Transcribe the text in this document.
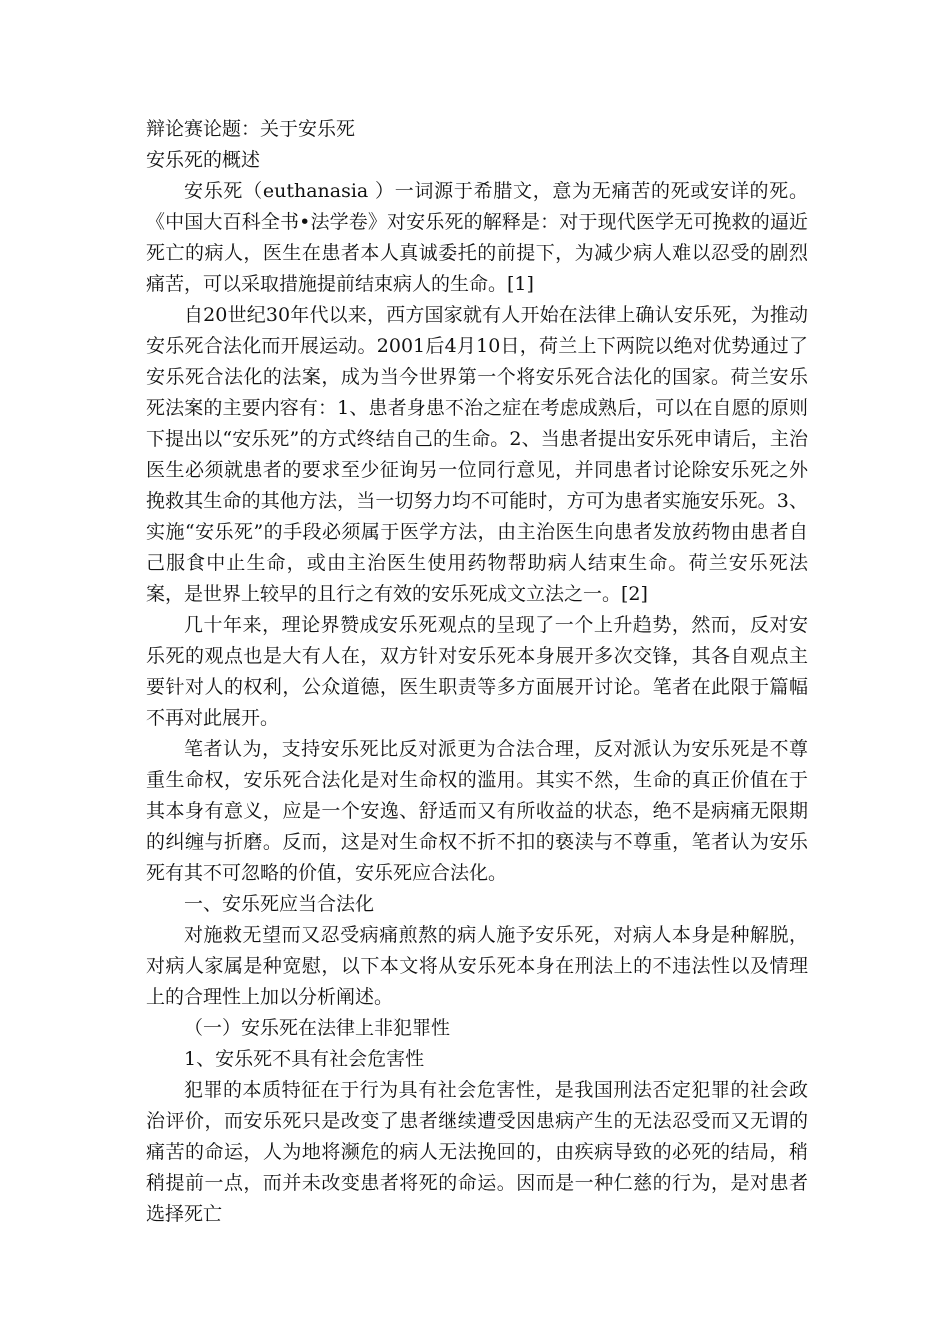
辩论赛论题：关于安乐死

安乐死的概述

安乐死（euthanasia ）一词源于希腊文，意为无痛苦的死或安详的死。《中国大百科全书•法学卷》对安乐死的解释是：对于现代医学无可挽救的逼近死亡的病人，医生在患者本人真诚委托的前提下，为减少病人难以忍受的剧烈痛苦，可以采取措施提前结束病人的生命。[1]

自20世纪30年代以来，西方国家就有人开始在法律上确认安乐死，为推动安乐死合法化而开展运动。2001后4月10日，荷兰上下两院以绝对优势通过了安乐死合法化的法案，成为当今世界第一个将安乐死合法化的国家。荷兰安乐死法案的主要内容有：1、患者身患不治之症在考虑成熟后，可以在自愿的原则下提出以“安乐死”的方式终结自己的生命。2、当患者提出安乐死申请后，主治医生必须就患者的要求至少征询另一位同行意见，并同患者讨论除安乐死之外挽救其生命的其他方法，当一切努力均不可能时，方可为患者实施安乐死。3、实施“安乐死”的手段必须属于医学方法，由主治医生向患者发放药物由患者自己服食中止生命，或由主治医生使用药物帮助病人结束生命。荷兰安乐死法案，是世界上较早的且行之有效的安乐死成文立法之一。[2]

几十年来，理论界赞成安乐死观点的呈现了一个上升趋势，然而，反对安乐死的观点也是大有人在，双方针对安乐死本身展开多次交锋，其各自观点主要针对人的权利，公众道德，医生职责等多方面展开讨论。笔者在此限于篇幅不再对此展开。

笔者认为，支持安乐死比反对派更为合法合理，反对派认为安乐死是不尊重生命权，安乐死合法化是对生命权的滥用。其实不然，生命的真正价值在于其本身有意义，应是一个安逸、舒适而又有所收益的状态，绝不是病痛无限期的纠缠与折磨。反而，这是对生命权不折不扣的亵渎与不尊重，笔者认为安乐死有其不可忽略的价值，安乐死应合法化。

一、安乐死应当合法化

对施救无望而又忍受病痛煎熬的病人施予安乐死，对病人本身是种解脱，对病人家属是种宽慰，以下本文将从安乐死本身在刑法上的不违法性以及情理上的合理性上加以分析阐述。

（一）安乐死在法律上非犯罪性

1、安乐死不具有社会危害性

犯罪的本质特征在于行为具有社会危害性，是我国刑法否定犯罪的社会政治评价，而安乐死只是改变了患者继续遭受因患病产生的无法忍受而又无谓的痛苦的命运，人为地将濒危的病人无法挽回的，由疾病导致的必死的结局，稍稍提前一点，而并未改变患者将死的命运。因而是一种仁慈的行为，是对患者选择死亡
